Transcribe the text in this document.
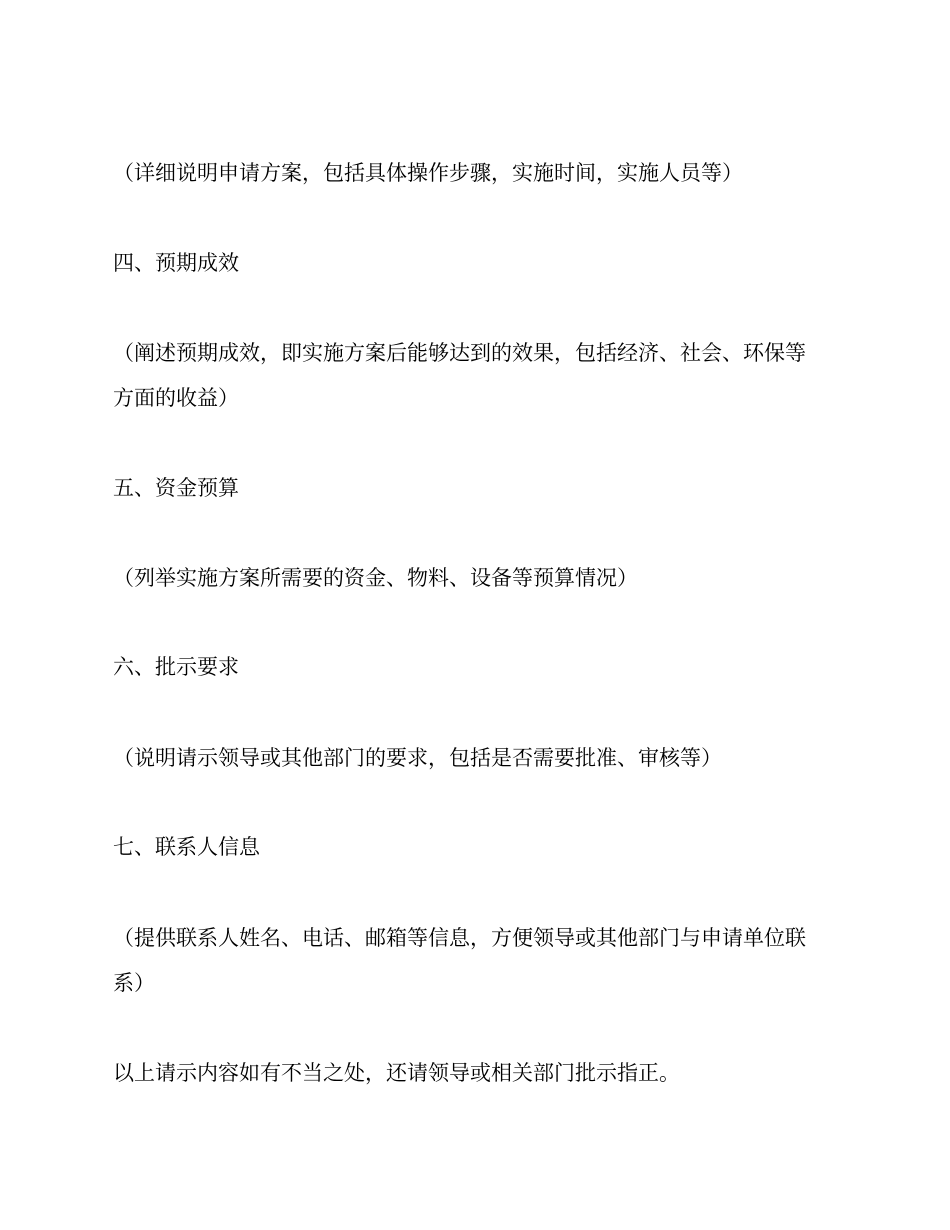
（详细说明申请方案，包括具体操作步骤，实施时间，实施人员等）

四、预期成效

（阐述预期成效，即实施方案后能够达到的效果，包括经济、社会、环保等

方面的收益）

五、资金预算

（列举实施方案所需要的资金、物料、设备等预算情况）

六、批示要求

（说明请示领导或其他部门的要求，包括是否需要批准、审核等）

七、联系人信息

（提供联系人姓名、电话、邮箱等信息，方便领导或其他部门与申请单位联

系）

以上请示内容如有不当之处，还请领导或相关部门批示指正。
